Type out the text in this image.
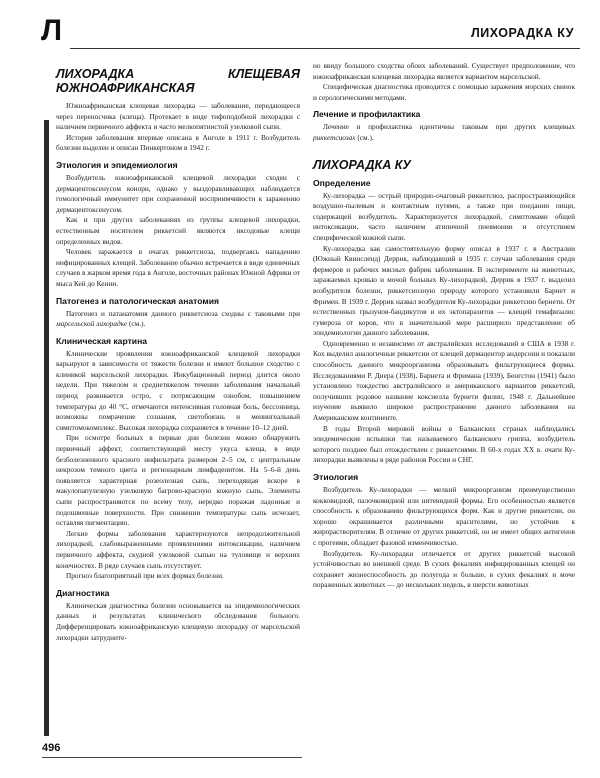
Л	ЛИХОРАДКА КУ
ЛИХОРАДКА КЛЕЩЕВАЯ ЮЖНОАФРИКАНСКАЯ

Южноафриканская клещевая лихорадка — заболевание, передающееся через переносчика (клеща). Протекает в виде тифоподобной лихорадки с наличием первичного аффекта и часто мелкопятнистой узелковой сыпи.

История заболевания впервые описана в Анголе в 1911 г. Возбудитель болезни выделен и описан Пинкертоном в 1942 г.

Этиология и эпидемиология

Возбудитель южноафриканской клещевой лихорадки сходен с дермацентоксенусом конори, однако у выздоравливающих наблюдается гомологичный иммунитет при сохраненной восприимчивости к заражению дермацентоксенусом.

Как и при других заболеваниях из группы клещевой лихорадки, естественным носителем риккетсий являются иксодовые клещи определенных видов.

Человек заражается в очагах риккетсиоза, подвергаясь нападению инфицированных клещей. Заболевание обычно встречается в виде единичных случаев в жарком время года в Анголе, восточных районах Южной Африки от мыса Кей до Кении.

Патогенез и патологическая анатомия

Патогенез и патанатомия данного риккетсиоза сходны с таковыми при марсельской лихорадке (см.).

Клиническая картина

Клинические проявления южноафриканской клещевой лихорадки варьируют в зависимости от тяжести болезни и имеют большое сходство с клиникой марсельской лихорадки. Инкубационный период длится около недели. При тяжелом и среднетяжелом течении заболевания начальный период развивается остро, с потрясающим ознобом, повышением температуры до 40 °С, отмечаются интенсивная головная боль, бессонница, возможны помрачение сознания, светобоязнь и менингеальный симптомокомплекс. Высокая лихорадка сохраняется в течение 10–12 дней.

При осмотре больных в первые дни болезни можно обнаружить первичный аффект, соответствующий месту укуса клеща, в виде безболезненного красного инфильтрата размером 2–5 см, с центральным некрозом темного цвета и регионарным лимфаденитом. На 5–6-й день появляется характерная розеолезная сыпь, переходящая вскоре в макулопапулезную узелковую багрово-красную кожную сыпь. Элементы сыпи распространяются по всему телу, нередко поражая ладонные и подошвенные поверхности. При снижении температуры сыпь исчезает, оставляя пигментацию.

Легкие формы заболевания характеризуются непродолжительной лихорадкой, слабовыраженными проявлениями интоксикации, наличием первичного аффекта, скудной узелковой сыпью на туловище и верхних конечностях. В ряде случаев сыпь отсутствует.

Прогноз благоприятный при всех формах болезни.

Диагностика

Клиническая диагностика болезни основывается на эпидемиологических данных и результатах клинического обследования больного. Дифференцировать южноафриканскую клещевую лихорадку от марсельской лихорадки затрудните-

но ввиду большого сходства обоих заболеваний. Существует предположение, что южноафриканская клещевая лихорадка является вариантом марсельской.

Специфическая диагностика проводится с помощью заражения морских свинок и серологическими методами.

Лечение и профилактика

Лечение и профилактика идентичны таковым при других клещевых риккетсиозах (см.).

ЛИХОРАДКА КУ
Определение

Ку-лихорадка — острый природно-очаговый риккетсиоз, распространяющийся воздушно-пылевым и контактным путями, а также при поедании пищи, содержащей возбудитель. Характеризуется лихорадкой, симптомами общей интоксикации, часто наличием атипичной пневмонии и отсутствием специфической кожной сыпи.

Ку-лихорадка как самостоятельную форму описал в 1937 г. в Австралии (Южный Квинсленд) Деррик, наблюдавший в 1935 г. случаи заболевания среди фермеров и рабочих мясных фабрик заболевания. В эксперименте на животных, заражаемых кровью и мочой больных Ку-лихорадкой, Деррик в 1937 г. выделил возбудителя болезни, риккетсиозную природу которого установили Барнет и Фримен. В 1939 г. Деррик назвал возбудителя Ку-лихорадки риккетсию бернети. От естественных грызунов-бандикутов и их эктопаразитов — клещей гемафизалис гумероза от коров, что в значительной мере расширило представление об эпидемиологии данного заболевания.

Одновременно и независимо от австралийских исследований в США в 1938 г. Кох выделил аналогичные риккетсии от клещей дермацентор андерсони и показали способность данного микроорганизма образовывать фильтрующиеся формы. Исследованиями Р. Диера (1938), Барнета и Фримана (1939), Бенгстон (1941) было установлено тождество австралийского и американского вариантов риккетсий, получивших родовое название коксиелла бурнети филип, 1948 г. Дальнейшее изучение выявило широкое распространение данного заболевания на Американском континенте.

В годы Второй мировой войны в Балканских странах наблюдались эпидемические вспышки так называемого балканского гриппа, возбудитель которого позднее был отождествлен с риккетсиями. В 60-х годах XX в. очаги Ку-лихорадки выявлены в ряде районов России и СНГ.

Этиология

Возбудитель Ку-лихорадки — мелкий микроорганизм преимущественно кокковидной, палочковидной или нитевидной формы. Его особенностью является способность к образованию фильтрующихся форм. Как и другие риккетсии, он хорошо окрашивается различными красителями, но устойчив к жирорастворителям. В отличие от других риккетсий, он не имеет общих антигенов с протеями, обладает фазовой изменчивостью.

Возбудитель Ку-лихорадки отличается от других риккетсий высокой устойчивостью во внешней среде. В сухих фекалиях инфицированных клещей он сохраняет жизнеспособность до полугода и больше, в сухих фекалиях и моче пораженных животных — до нескольких недель, в шерсти животных

496
